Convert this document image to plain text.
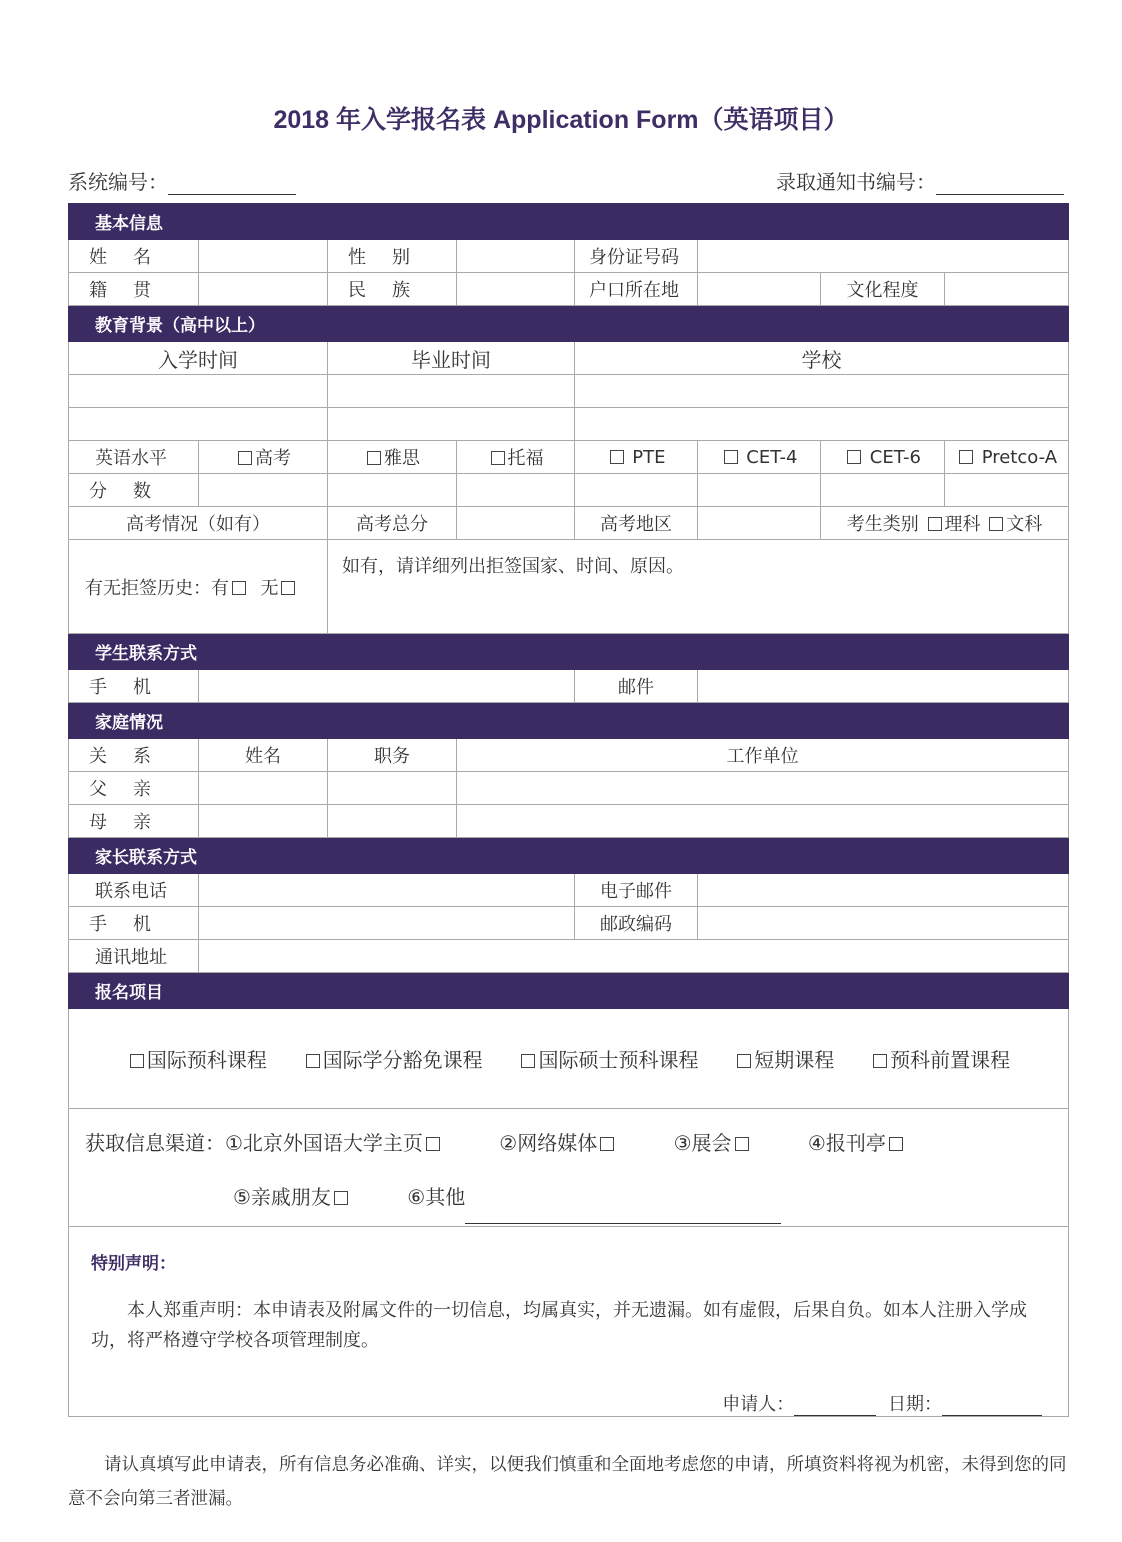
2018 年入学报名表 Application Form（英语项目）
系统编号：	录取通知书编号：
基本信息							
姓名		性别		身份证号码			
籍贯		民族		户口所在地		文化程度	
教育背景（高中以上）							
入学时间		毕业时间		学校			

英语水平	高考	雅思	托福	PTE	CET-4	CET-6	Pretco-A
分数							
高考情况（如有）		高考总分		高考地区		考生类别 理科 文科	
有无拒签历史：有 无		如有，请详细列出拒签国家、时间、原因。					
学生联系方式							
手机				邮件			
家庭情况							
关系	姓名	职务	工作单位				
父亲							
母亲							
家长联系方式							
联系电话				电子邮件			
手机				邮政编码			
通讯地址							
报名项目							

国际预科课程 国际学分豁免课程 国际硕士预科课程 短期课程 预科前置课程							

获取信息渠道：①北京外国语大学主页 ②网络媒体 ③展会 ④报刊亭
⑤亲戚朋友 ⑥其他							

特别声明：
本人郑重声明：本申请表及附属文件的一切信息，均属真实，并无遗漏。如有虚假，后果自负。如本人注册入学成功，将严格遵守学校各项管理制度。
申请人： 日期：							
请认真填写此申请表，所有信息务必准确、详实，以便我们慎重和全面地考虑您的申请，所填资料将视为机密，未得到您的同意不会向第三者泄漏。
